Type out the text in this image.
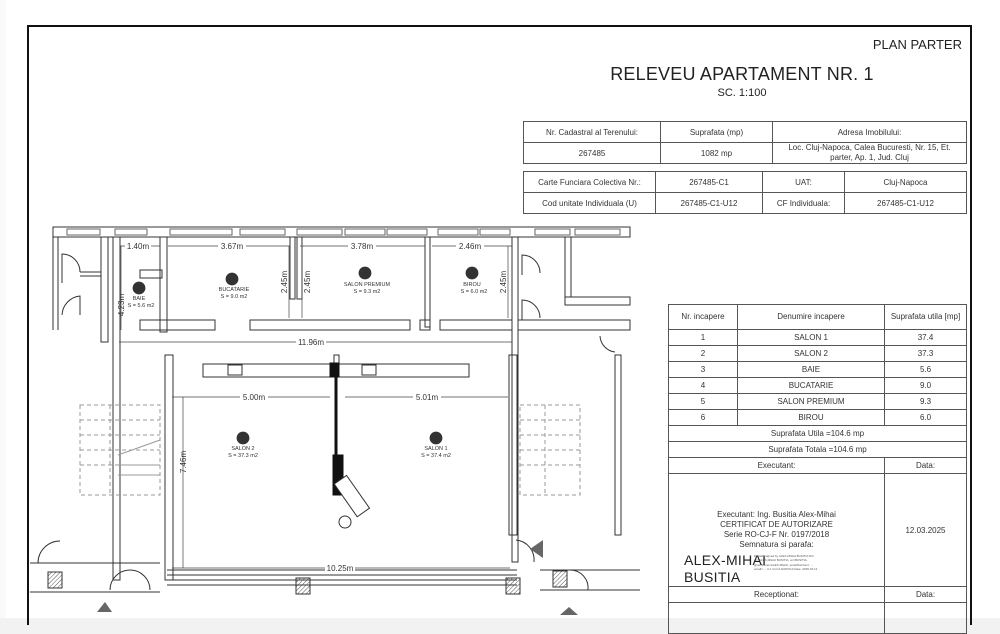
PLAN PARTER
RELEVEU APARTAMENT NR. 1
SC. 1:100
Nr. Cadastral al Terenului:	Suprafata (mp)	Adresa Imobilului:
267485	1082 mp	Loc. Cluj-Napoca, Calea Bucuresti, Nr. 15, Et. parter, Ap. 1, Jud. Cluj
Carte Funciara Colectiva Nr.:	267485-C1	UAT:	Cluj-Napoca
Cod unitate Individuala (U)	267485-C1-U12	CF Individuala:	267485-C1-U12
Nr. incapere	Denumire incapere	Suprafata utila [mp]
1	SALON 1	37.4
2	SALON 2	37.3
3	BAIE	5.6
4	BUCATARIE	9.0
5	SALON PREMIUM	9.3
6	BIROU	6.0
Suprafata Utila =104.6 mp		
Suprafata Totala =104.6 mp		
Executant:		Data:

Executant: Ing. Busitia Alex-Mihai
CERTIFICAT DE AUTORIZARE
Serie RO-CJ-F Nr. 0197/2018
Semnatura si parafa:
ALEX-MIHAI
BUSITIA
Digitally signed by ALEX-MIHAI BUSITIA DN: cn=ALEX-MIHAI BUSITIA, sn=BUSITIA, givenName=ALEX-MIHAI, serialNumber=..., email=..., CJ, CLUJ-NAPOCA Date: 2025.03.12
	12.03.2025
Receptionat:		Data:

1.40m	3.67m	3.78m	2.46m
11.96m
5.00m	5.01m
10.25m
4.23m
2.45m 2.45m	2.45m
7.46m
1
SALON 1
S = 37.4 m2
2
SALON 2
S = 37.3 m2
3
BAIE
S = 5.6 m2
4
BUCATARIE
S = 9.0 m2
5
SALON PREMIUM
S = 9.3 m2
6
BIROU
S = 6.0 m2
